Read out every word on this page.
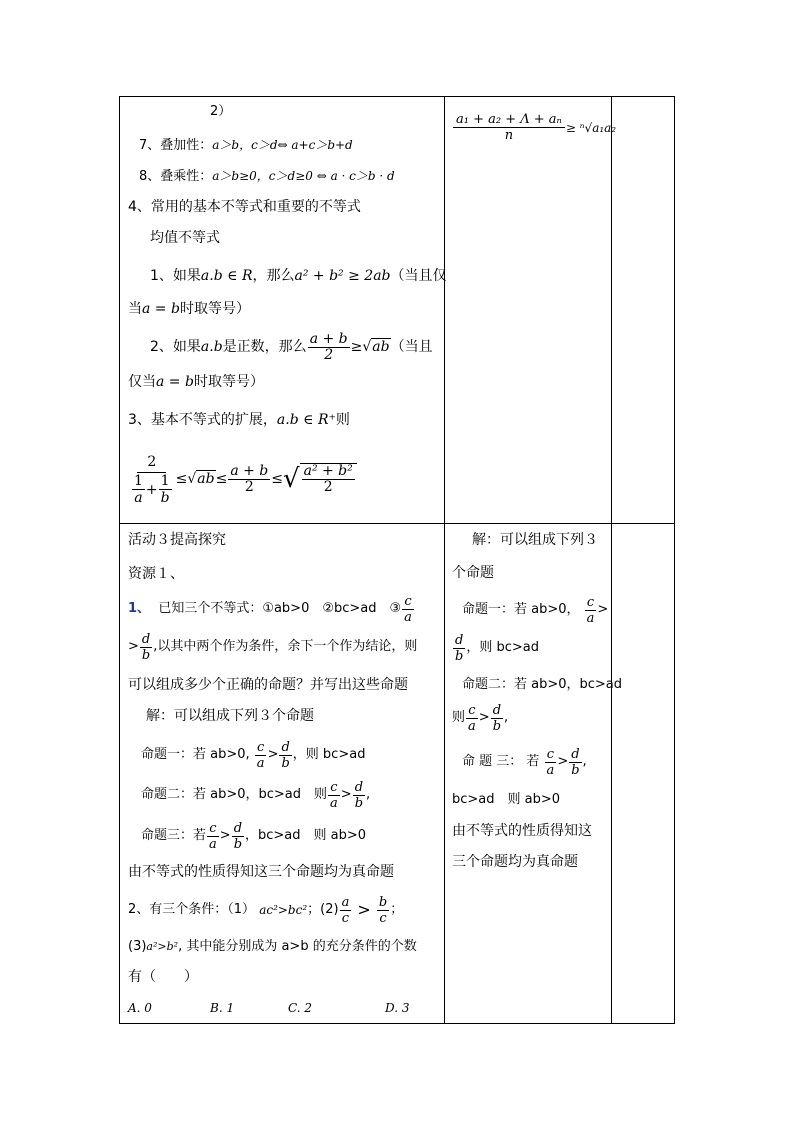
2）
7、叠加性：a＞b，c＞d⇔ a+c＞b+d
8、叠乘性：a＞b≥0，c＞d≥0 ⇔ a · c＞b · d
4、常用的基本不等式和重要的不等式
均值不等式
1、如果a.b ∈ R，那么a² + b² ≥ 2ab（当且仅
当a = b时取等号）
2、如果a.b是正数，那么 $\frac{a + b}{2} \ge√ab$（当且
仅当a = b时取等号）
3、基本不等式的扩展，a.b ∈ R⁺则
$\frac{2}{\frac{1}{a} + \frac{1}{b}} \le √ab \le \frac{a + b}{2}$ ≤ √ $\frac{\text{a² + b²}}{2}$
$\frac{\text{a₁ + a₂ + Λ + aₙ}}{n} \ge ^n√a_1a_2$
活动３提高探究
资源１、
1、
已知三个不等式：①ab>0　②bc>ad　③ $\frac{c}{a}$
> $\frac{d}{b}$ ,以其中两个作为条件，余下一个作为结论，则
可以组成多少个正确的命题？并写出这些命题
解：可以组成下列３个命题
命题一：若 ab>0,
$\frac{c}{a} > \frac{d}{b}$ ，则 bc>ad
命题二：若 ab>0，bc>ad　则 $\frac{c}{a} > \frac{d}{b}$ ,
命题三：若 $\frac{c}{a} > \frac{d}{b}$ ，bc>ad　则 ab>0
由不等式的性质得知这三个命题均为真命题
2、有三个条件：（1）
ac²>bc² ；$(2) \frac{a}{c} > \frac{b}{c}$ ；
(3)a²>b², 其中能分别成为 a>b 的充分条件的个数
有（　　）
A. 0	B. 1	C. 2	D. 3
解：可以组成下列３
个命题
命题一：若 ab>0，
$\frac{c}{a}$ >
$\frac{d}{b}$ ，则 bc>ad
命题二：若 ab>0，bc>ad
则 $\frac{c}{a} > \frac{d}{b}$ ,
命 题 三： 若
$\frac{c}{a} > \frac{d}{b}$ ,
bc>ad　则 ab>0
由不等式的性质得知这
三个命题均为真命题
